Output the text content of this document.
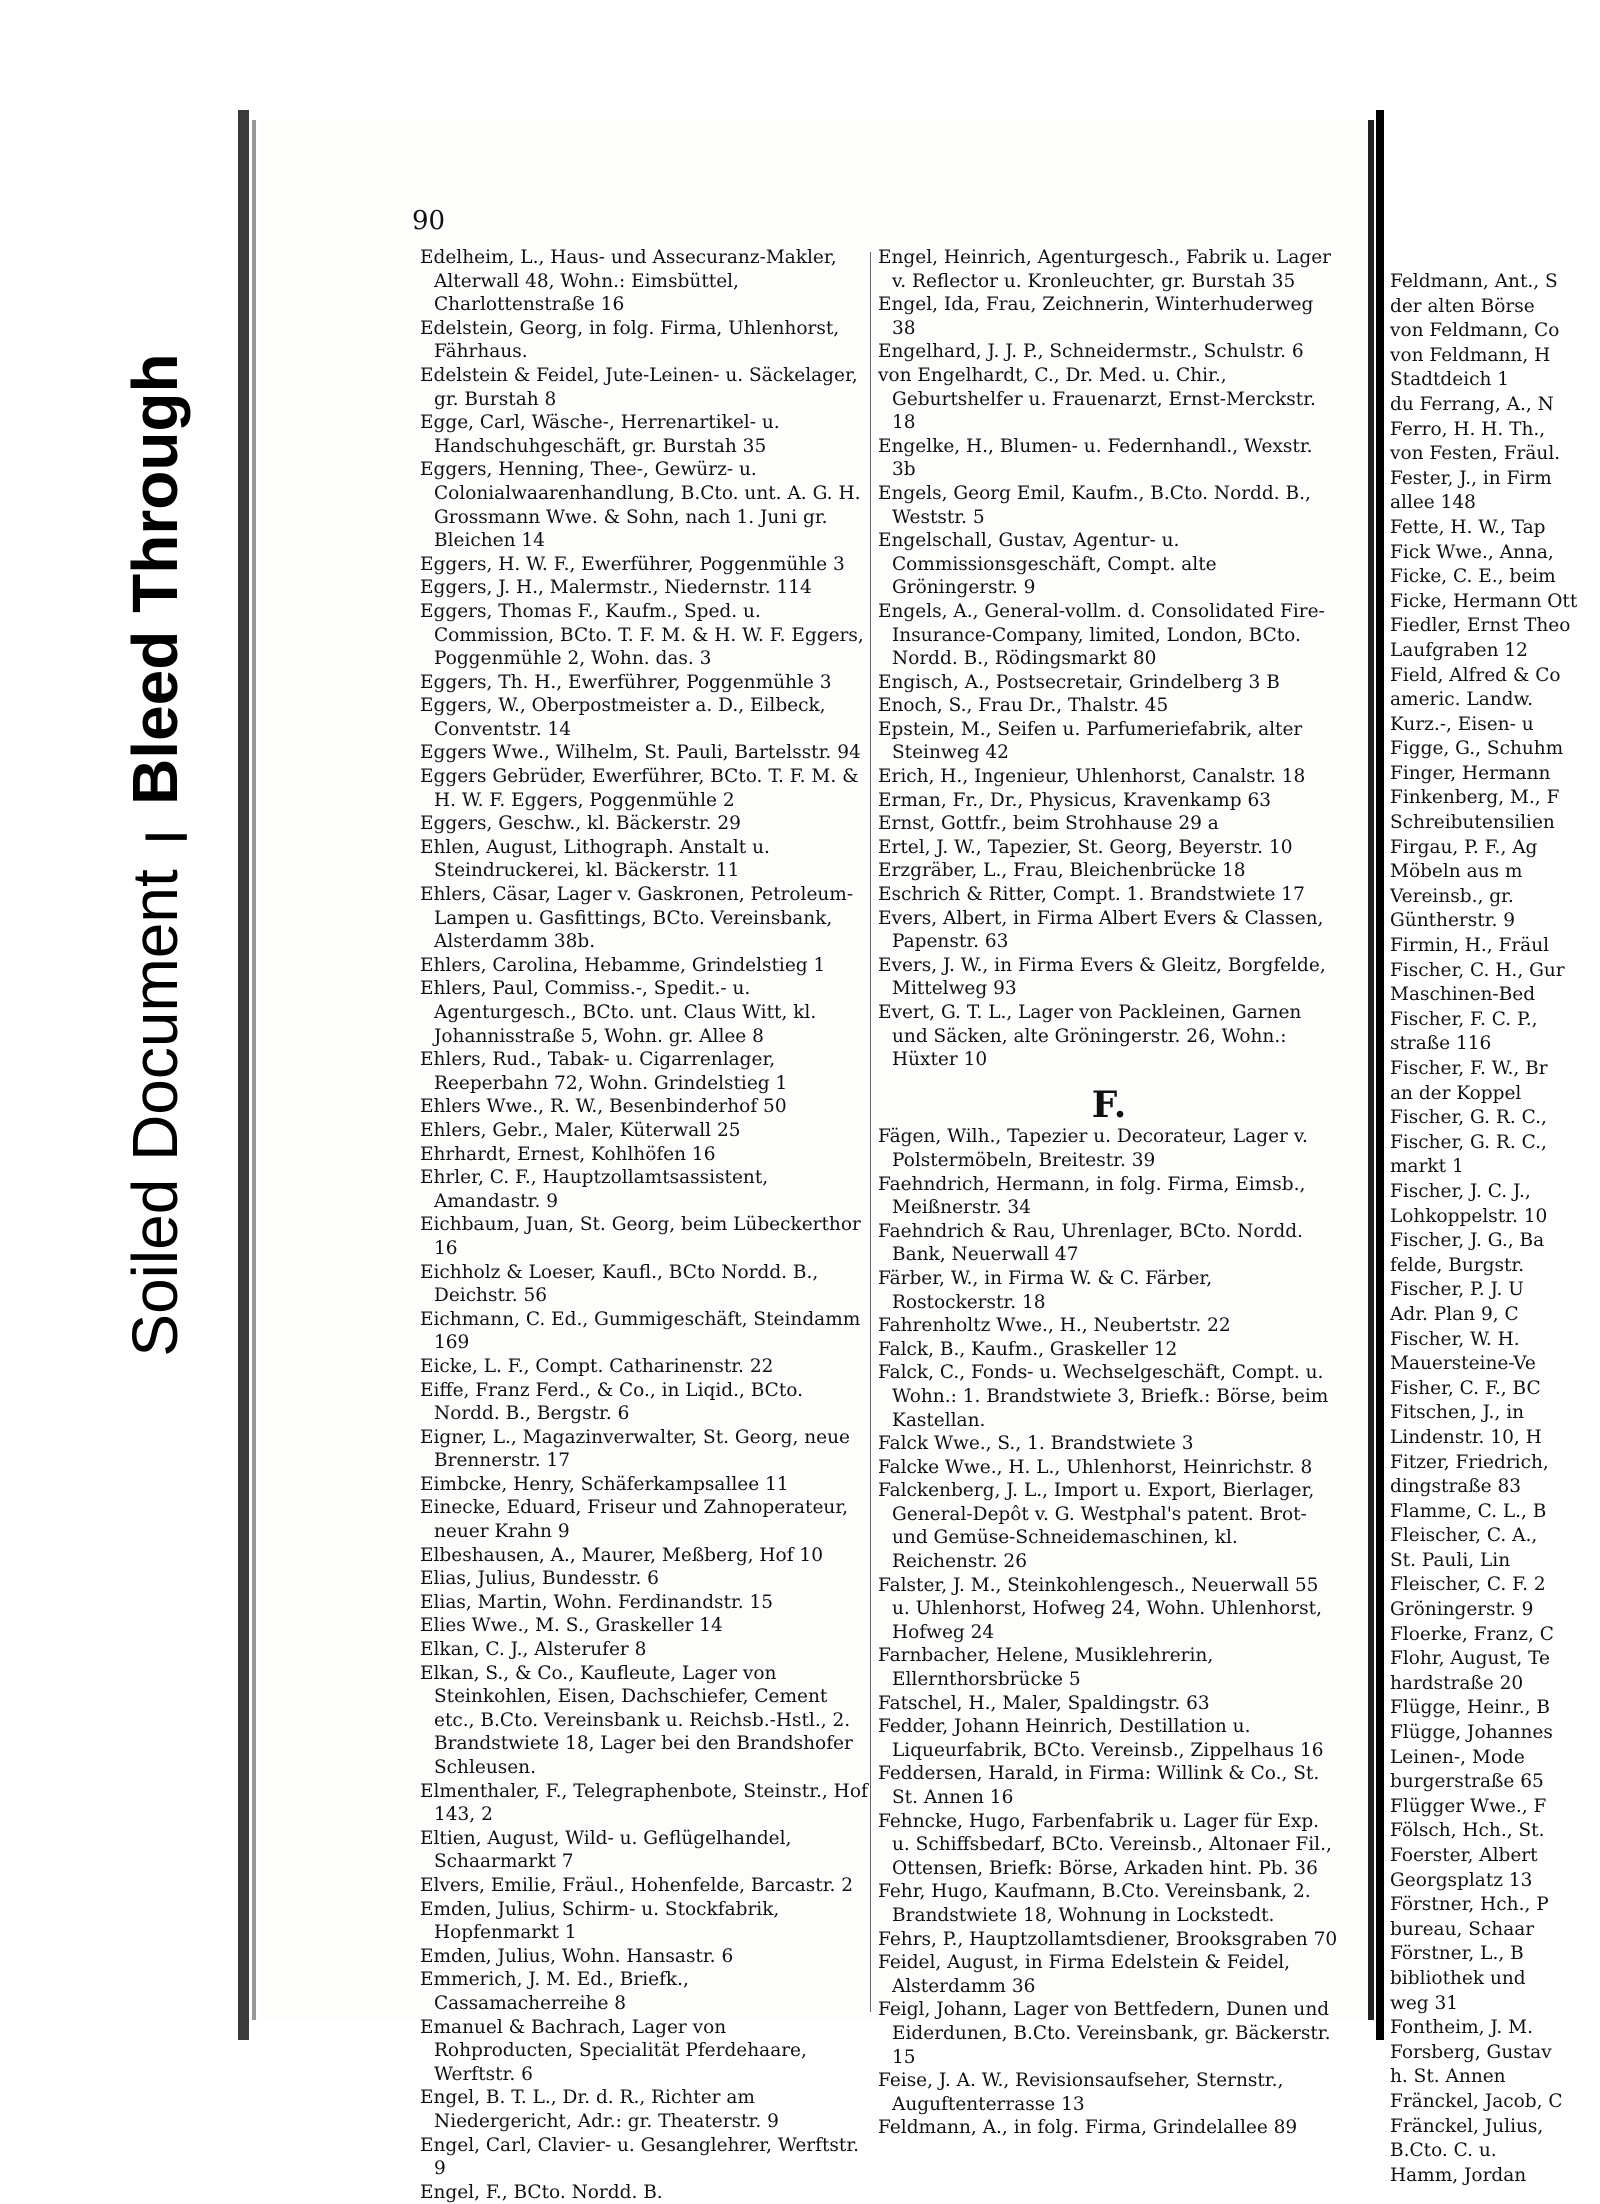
Soiled Document|Bleed Through
90
Edelheim, L., Haus- und Assecuranz-Makler, Alterwall 48, Wohn.: Eimsbüttel, Charlottenstraße 16
Edelstein, Georg, in folg. Firma, Uhlenhorst, Fährhaus.
Edelstein & Feidel, Jute-Leinen- u. Säckelager, gr. Burstah 8
Egge, Carl, Wäsche-, Herrenartikel- u. Handschuhgeschäft, gr. Burstah 35
Eggers, Henning, Thee-, Gewürz- u. Colonialwaarenhandlung, B.Cto. unt. A. G. H. Grossmann Wwe. & Sohn, nach 1. Juni gr. Bleichen 14
Eggers, H. W. F., Ewerführer, Poggenmühle 3
Eggers, J. H., Malermstr., Niedernstr. 114
Eggers, Thomas F., Kaufm., Sped. u. Commission, BCto. T. F. M. & H. W. F. Eggers, Poggenmühle 2, Wohn. das. 3
Eggers, Th. H., Ewerführer, Poggenmühle 3
Eggers, W., Oberpostmeister a. D., Eilbeck, Conventstr. 14
Eggers Wwe., Wilhelm, St. Pauli, Bartelsstr. 94
Eggers Gebrüder, Ewerführer, BCto. T. F. M. & H. W. F. Eggers, Poggenmühle 2
Eggers, Geschw., kl. Bäckerstr. 29
Ehlen, August, Lithograph. Anstalt u. Steindruckerei, kl. Bäckerstr. 11
Ehlers, Cäsar, Lager v. Gaskronen, Petroleum-Lampen u. Gasfittings, BCto. Vereinsbank, Alsterdamm 38b.
Ehlers, Carolina, Hebamme, Grindelstieg 1
Ehlers, Paul, Commiss.-, Spedit.- u. Agenturgesch., BCto. unt. Claus Witt, kl. Johannisstraße 5, Wohn. gr. Allee 8
Ehlers, Rud., Tabak- u. Cigarrenlager, Reeperbahn 72, Wohn. Grindelstieg 1
Ehlers Wwe., R. W., Besenbinderhof 50
Ehlers, Gebr., Maler, Küterwall 25
Ehrhardt, Ernest, Kohlhöfen 16
Ehrler, C. F., Hauptzollamtsassistent, Amandastr. 9
Eichbaum, Juan, St. Georg, beim Lübeckerthor 16
Eichholz & Loeser, Kaufl., BCto Nordd. B., Deichstr. 56
Eichmann, C. Ed., Gummigeschäft, Steindamm 169
Eicke, L. F., Compt. Catharinenstr. 22
Eiffe, Franz Ferd., & Co., in Liqid., BCto. Nordd. B., Bergstr. 6
Eigner, L., Magazinverwalter, St. Georg, neue Brennerstr. 17
Eimbcke, Henry, Schäferkampsallee 11
Einecke, Eduard, Friseur und Zahnoperateur, neuer Krahn 9
Elbeshausen, A., Maurer, Meßberg, Hof 10
Elias, Julius, Bundesstr. 6
Elias, Martin, Wohn. Ferdinandstr. 15
Elies Wwe., M. S., Graskeller 14
Elkan, C. J., Alsterufer 8
Elkan, S., & Co., Kaufleute, Lager von Steinkohlen, Eisen, Dachschiefer, Cement etc., B.Cto. Vereinsbank u. Reichsb.-Hstl., 2. Brandstwiete 18, Lager bei den Brandshofer Schleusen.
Elmenthaler, F., Telegraphenbote, Steinstr., Hof 143, 2
Eltien, August, Wild- u. Geflügelhandel, Schaarmarkt 7
Elvers, Emilie, Fräul., Hohenfelde, Barcastr. 2
Emden, Julius, Schirm- u. Stockfabrik, Hopfenmarkt 1
Emden, Julius, Wohn. Hansastr. 6
Emmerich, J. M. Ed., Briefk., Cassamacherreihe 8
Emanuel & Bachrach, Lager von Rohproducten, Specialität Pferdehaare, Werftstr. 6
Engel, B. T. L., Dr. d. R., Richter am Niedergericht, Adr.: gr. Theaterstr. 9
Engel, Carl, Clavier- u. Gesanglehrer, Werftstr. 9
Engel, F., BCto. Nordd. B.
Engel, Heinrich, Agenturgesch., Fabrik u. Lager v. Reflector u. Kronleuchter, gr. Burstah 35
Engel, Ida, Frau, Zeichnerin, Winterhuderweg 38
Engelhard, J. J. P., Schneidermstr., Schulstr. 6
von Engelhardt, C., Dr. Med. u. Chir., Geburtshelfer u. Frauenarzt, Ernst-Merckstr. 18
Engelke, H., Blumen- u. Federnhandl., Wexstr. 3b
Engels, Georg Emil, Kaufm., B.Cto. Nordd. B., Weststr. 5
Engelschall, Gustav, Agentur- u. Commissionsgeschäft, Compt. alte Gröningerstr. 9
Engels, A., General-vollm. d. Consolidated Fire-Insurance-Company, limited, London, BCto. Nordd. B., Rödingsmarkt 80
Engisch, A., Postsecretair, Grindelberg 3 B
Enoch, S., Frau Dr., Thalstr. 45
Epstein, M., Seifen u. Parfumeriefabrik, alter Steinweg 42
Erich, H., Ingenieur, Uhlenhorst, Canalstr. 18
Erman, Fr., Dr., Physicus, Kravenkamp 63
Ernst, Gottfr., beim Strohhause 29 a
Ertel, J. W., Tapezier, St. Georg, Beyerstr. 10
Erzgräber, L., Frau, Bleichenbrücke 18
Eschrich & Ritter, Compt. 1. Brandstwiete 17
Evers, Albert, in Firma Albert Evers & Classen, Papenstr. 63
Evers, J. W., in Firma Evers & Gleitz, Borgfelde, Mittelweg 93
Evert, G. T. L., Lager von Packleinen, Garnen und Säcken, alte Gröningerstr. 26, Wohn.: Hüxter 10
F.
Fägen, Wilh., Tapezier u. Decorateur, Lager v. Polstermöbeln, Breitestr. 39
Faehndrich, Hermann, in folg. Firma, Eimsb., Meißnerstr. 34
Faehndrich & Rau, Uhrenlager, BCto. Nordd. Bank, Neuerwall 47
Färber, W., in Firma W. & C. Färber, Rostockerstr. 18
Fahrenholtz Wwe., H., Neubertstr. 22
Falck, B., Kaufm., Graskeller 12
Falck, C., Fonds- u. Wechselgeschäft, Compt. u. Wohn.: 1. Brandstwiete 3, Briefk.: Börse, beim Kastellan.
Falck Wwe., S., 1. Brandstwiete 3
Falcke Wwe., H. L., Uhlenhorst, Heinrichstr. 8
Falckenberg, J. L., Import u. Export, Bierlager, General-Depôt v. G. Westphal's patent. Brot- und Gemüse-Schneidemaschinen, kl. Reichenstr. 26
Falster, J. M., Steinkohlengesch., Neuerwall 55 u. Uhlenhorst, Hofweg 24, Wohn. Uhlenhorst, Hofweg 24
Farnbacher, Helene, Musiklehrerin, Ellernthorsbrücke 5
Fatschel, H., Maler, Spaldingstr. 63
Fedder, Johann Heinrich, Destillation u. Liqueurfabrik, BCto. Vereinsb., Zippelhaus 16
Feddersen, Harald, in Firma: Willink & Co., St. St. Annen 16
Fehncke, Hugo, Farbenfabrik u. Lager für Exp. u. Schiffsbedarf, BCto. Vereinsb., Altonaer Fil., Ottensen, Briefk: Börse, Arkaden hint. Pb. 36
Fehr, Hugo, Kaufmann, B.Cto. Vereinsbank, 2. Brandstwiete 18, Wohnung in Lockstedt.
Fehrs, P., Hauptzollamtsdiener, Brooksgraben 70
Feidel, August, in Firma Edelstein & Feidel, Alsterdamm 36
Feigl, Johann, Lager von Bettfedern, Dunen und Eiderdunen, B.Cto. Vereinsbank, gr. Bäckerstr. 15
Feise, J. A. W., Revisionsaufseher, Sternstr., Auguftenterrasse 13
Feldmann, A., in folg. Firma, Grindelallee 89
Feldmann, Ant., S
der alten Börse
von Feldmann, Co
von Feldmann, H
Stadtdeich 1
du Ferrang, A., N
Ferro, H. H. Th.,
von Festen, Fräul.
Fester, J., in Firm
allee 148
Fette, H. W., Tap
Fick Wwe., Anna,
Ficke, C. E., beim
Ficke, Hermann Ott
Fiedler, Ernst Theo
Laufgraben 12
Field, Alfred & Co
americ. Landw.
Kurz.-, Eisen- u
Figge, G., Schuhm
Finger, Hermann
Finkenberg, M., F
Schreibutensilien
Firgau, P. F., Ag
Möbeln aus m
Vereinsb., gr.
Güntherstr. 9
Firmin, H., Fräul
Fischer, C. H., Gur
Maschinen-Bed
Fischer, F. C. P.,
straße 116
Fischer, F. W., Br
an der Koppel
Fischer, G. R. C.,
Fischer, G. R. C.,
markt 1
Fischer, J. C. J.,
Lohkoppelstr. 10
Fischer, J. G., Ba
felde, Burgstr.
Fischer, P. J. U
Adr. Plan 9, C
Fischer, W. H.
Mauersteine-Ve
Fisher, C. F., BC
Fitschen, J., in
Lindenstr. 10, H
Fitzer, Friedrich,
dingstraße 83
Flamme, C. L., B
Fleischer, C. A.,
St. Pauli, Lin
Fleischer, C. F. 2
Gröningerstr. 9
Floerke, Franz, C
Flohr, August, Te
hardstraße 20
Flügge, Heinr., B
Flügge, Johannes
Leinen-, Mode
burgerstraße 65
Flügger Wwe., F
Fölsch, Hch., St.
Foerster, Albert
Georgsplatz 13
Förstner, Hch., P
bureau, Schaar
Förstner, L., B
bibliothek und
weg 31
Fontheim, J. M.
Forsberg, Gustav
h. St. Annen
Fränckel, Jacob, C
Fränckel, Julius,
B.Cto. C. u.
Hamm, Jordan
